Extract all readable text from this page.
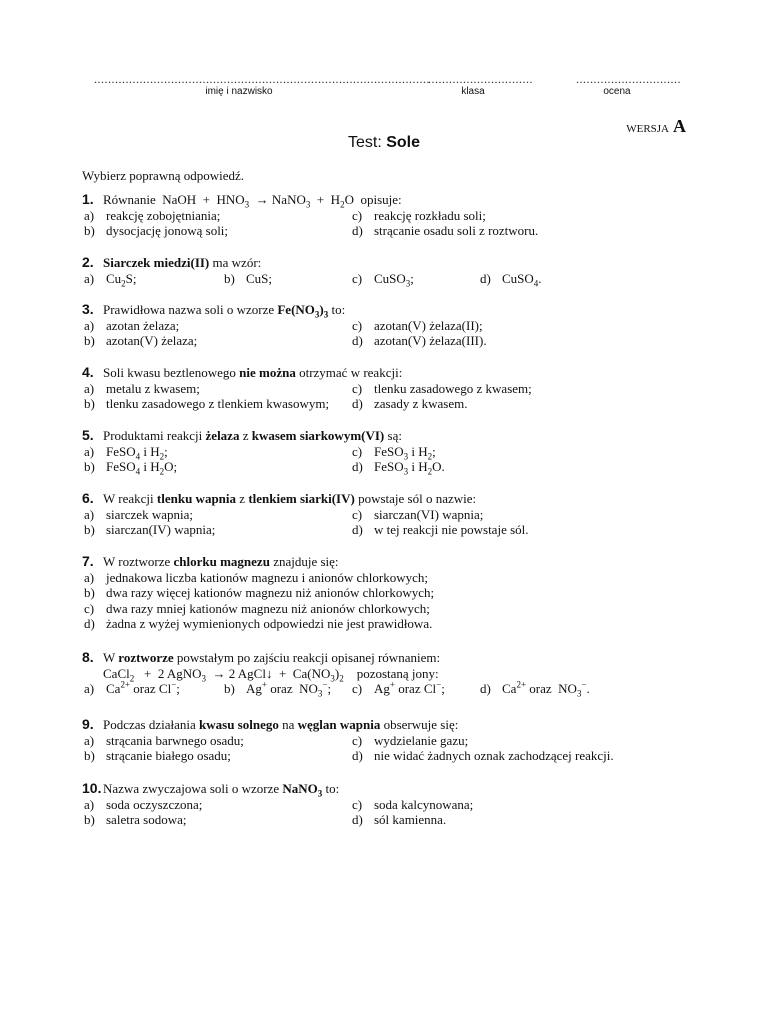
................................................................................................
..............................	..............................
imię i nazwisko	klasa	ocena
WERSJA A
Test: Sole
Wybierz poprawną odpowiedź.
1. Równanie  NaOH  +  $HNO_3$  → NaNO$_3$  +  $H_2O$  opisuje:
a) reakcję zobojętniania;	c) reakcję rozkładu soli;
b) dysocjację jonową soli;	d) strącanie osadu soli z roztworu.
2. Siarczek miedzi(II) ma wzór:
a) $Cu_2S$;	b) CuS;	c) CuSO$_3$;	d) CuSO$_4$.
3. Prawidłowa nazwa soli o wzorze $Fe(NO_3)_3$ to:
a) azotan żelaza;	c) azotan(V) żelaza(II);
b) azotan(V) żelaza;	d) azotan(V) żelaza(III).
4. Soli kwasu beztlenowego nie można otrzymać w reakcji:
a) metalu z kwasem;	c) tlenku zasadowego z kwasem;
b) tlenku zasadowego z tlenkiem kwasowym;	d) zasady z kwasem.
5. Produktami reakcji żelaza z kwasem siarkowym(VI) są:
a) FeSO$_4$ i $H_2$;	c) FeSO$_3$ i $H_2$;
b) FeSO$_4$ i $H_2O$;	d) FeSO$_3$ i $H_2O$.
6. W reakcji tlenku wapnia z tlenkiem siarki(IV) powstaje sól o nazwie:
a) siarczek wapnia;	c) siarczan(VI) wapnia;
b) siarczan(IV) wapnia;	d) w tej reakcji nie powstaje sól.
7. W roztworze chlorku magnezu znajduje się:
a) jednakowa liczba kationów magnezu i anionów chlorkowych;
b) dwa razy więcej kationów magnezu niż anionów chlorkowych;
c) dwa razy mniej kationów magnezu niż anionów chlorkowych;
d) żadna z wyżej wymienionych odpowiedzi nie jest prawidłowa.
8. W roztworze powstałym po zajściu reakcji opisanej równaniem:
CaCl$_2$   +  2 AgNO$_3$  → 2 AgCl↓  +  $Ca(NO_3)_2$    pozostaną jony:
a) $Ca^{2+}$ oraz Cl−;	b) Ag+ oraz  $NO_3^-$;	c) Ag+ oraz Cl−;	d) $Ca^{2+}$ oraz  $NO_3^-$.
9. Podczas działania kwasu solnego na węglan wapnia obserwuje się:
a) strącania barwnego osadu;	c) wydzielanie gazu;
b) strącanie białego osadu;	d) nie widać żadnych oznak zachodzącej reakcji.
10. Nazwa zwyczajowa soli o wzorze NaNO$_3$ to:
a) soda oczyszczona;	c) soda kalcynowana;
b) saletra sodowa;	d) sól kamienna.
